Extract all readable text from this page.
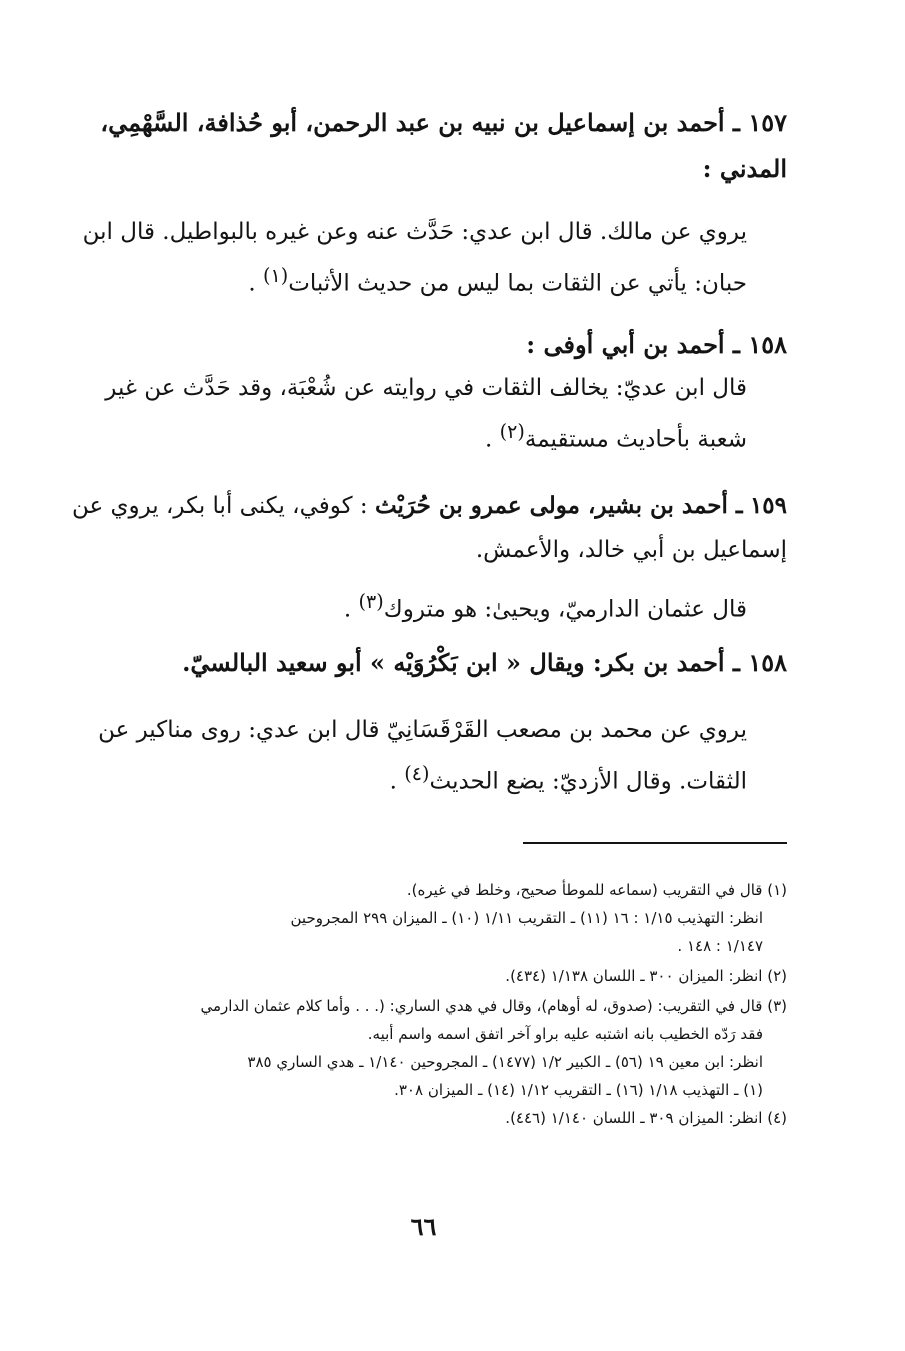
١٥٧ ـ أحمد بن إسماعيل بن نبيه بن عبد الرحمن، أبو حُذافة، السَّهْمِي، المدني :
يروي عن مالك. قال ابن عدي: حَدَّث عنه وعن غيره بالبواطيل. قال ابن حبان: يأتي عن الثقات بما ليس من حديث الأثبات$^{(١)}$ .
١٥٨ ـ أحمد بن أبي أوفى :
قال ابن عديّ: يخالف الثقات في روايته عن شُعْبَة، وقد حَدَّث عن غير شعبة بأحاديث مستقيمة$^{(٢)}$ .
١٥٩ ـ أحمد بن بشير، مولى عمرو بن حُرَيْث : كوفي، يكنى أبا بكر، يروي عن إسماعيل بن أبي خالد، والأعمش.
قال عثمان الدارميّ، ويحيىٰ: هو متروك$^{(٣)}$ .
١٥٨ ـ أحمد بن بكر: ويقال « ابن بَكْرُوَيْه » أبو سعيد البالسيّ.
يروي عن محمد بن مصعب القَرْقَسَانِيّ قال ابن عدي: روى مناكير عن الثقات. وقال الأزديّ: يضع الحديث$^{(٤)}$ .
(١) قال في التقريب (سماعه للموطأ صحيح، وخلط في غيره).
انظر: التهذيب ١/١٥ : ١٦ (١١) ـ التقريب ١/١١ (١٠) ـ الميزان ٢٩٩ المجروحين
١/١٤٧ : ١٤٨ .
(٢) انظر: الميزان ٣٠٠ ـ اللسان ١/١٣٨ (٤٣٤).
(٣) قال في التقريب: (صدوق، له أوهام)، وقال في هدي الساري: (. . . وأما كلام عثمان الدارمي
فقد رَدّه الخطيب بانه اشتبه عليه براو آخر اتفق اسمه واسم أبيه.
انظر: ابن معين ١٩ (٥٦) ـ الكبير ١/٢ (١٤٧٧) ـ المجروحين ١/١٤٠ ـ هدي الساري ٣٨٥
(١) ـ التهذيب ١/١٨ (١٦) ـ التقريب ١/١٢ (١٤) ـ الميزان ٣٠٨.
(٤) انظر: الميزان ٣٠٩ ـ اللسان ١/١٤٠ (٤٤٦).
٦٦
